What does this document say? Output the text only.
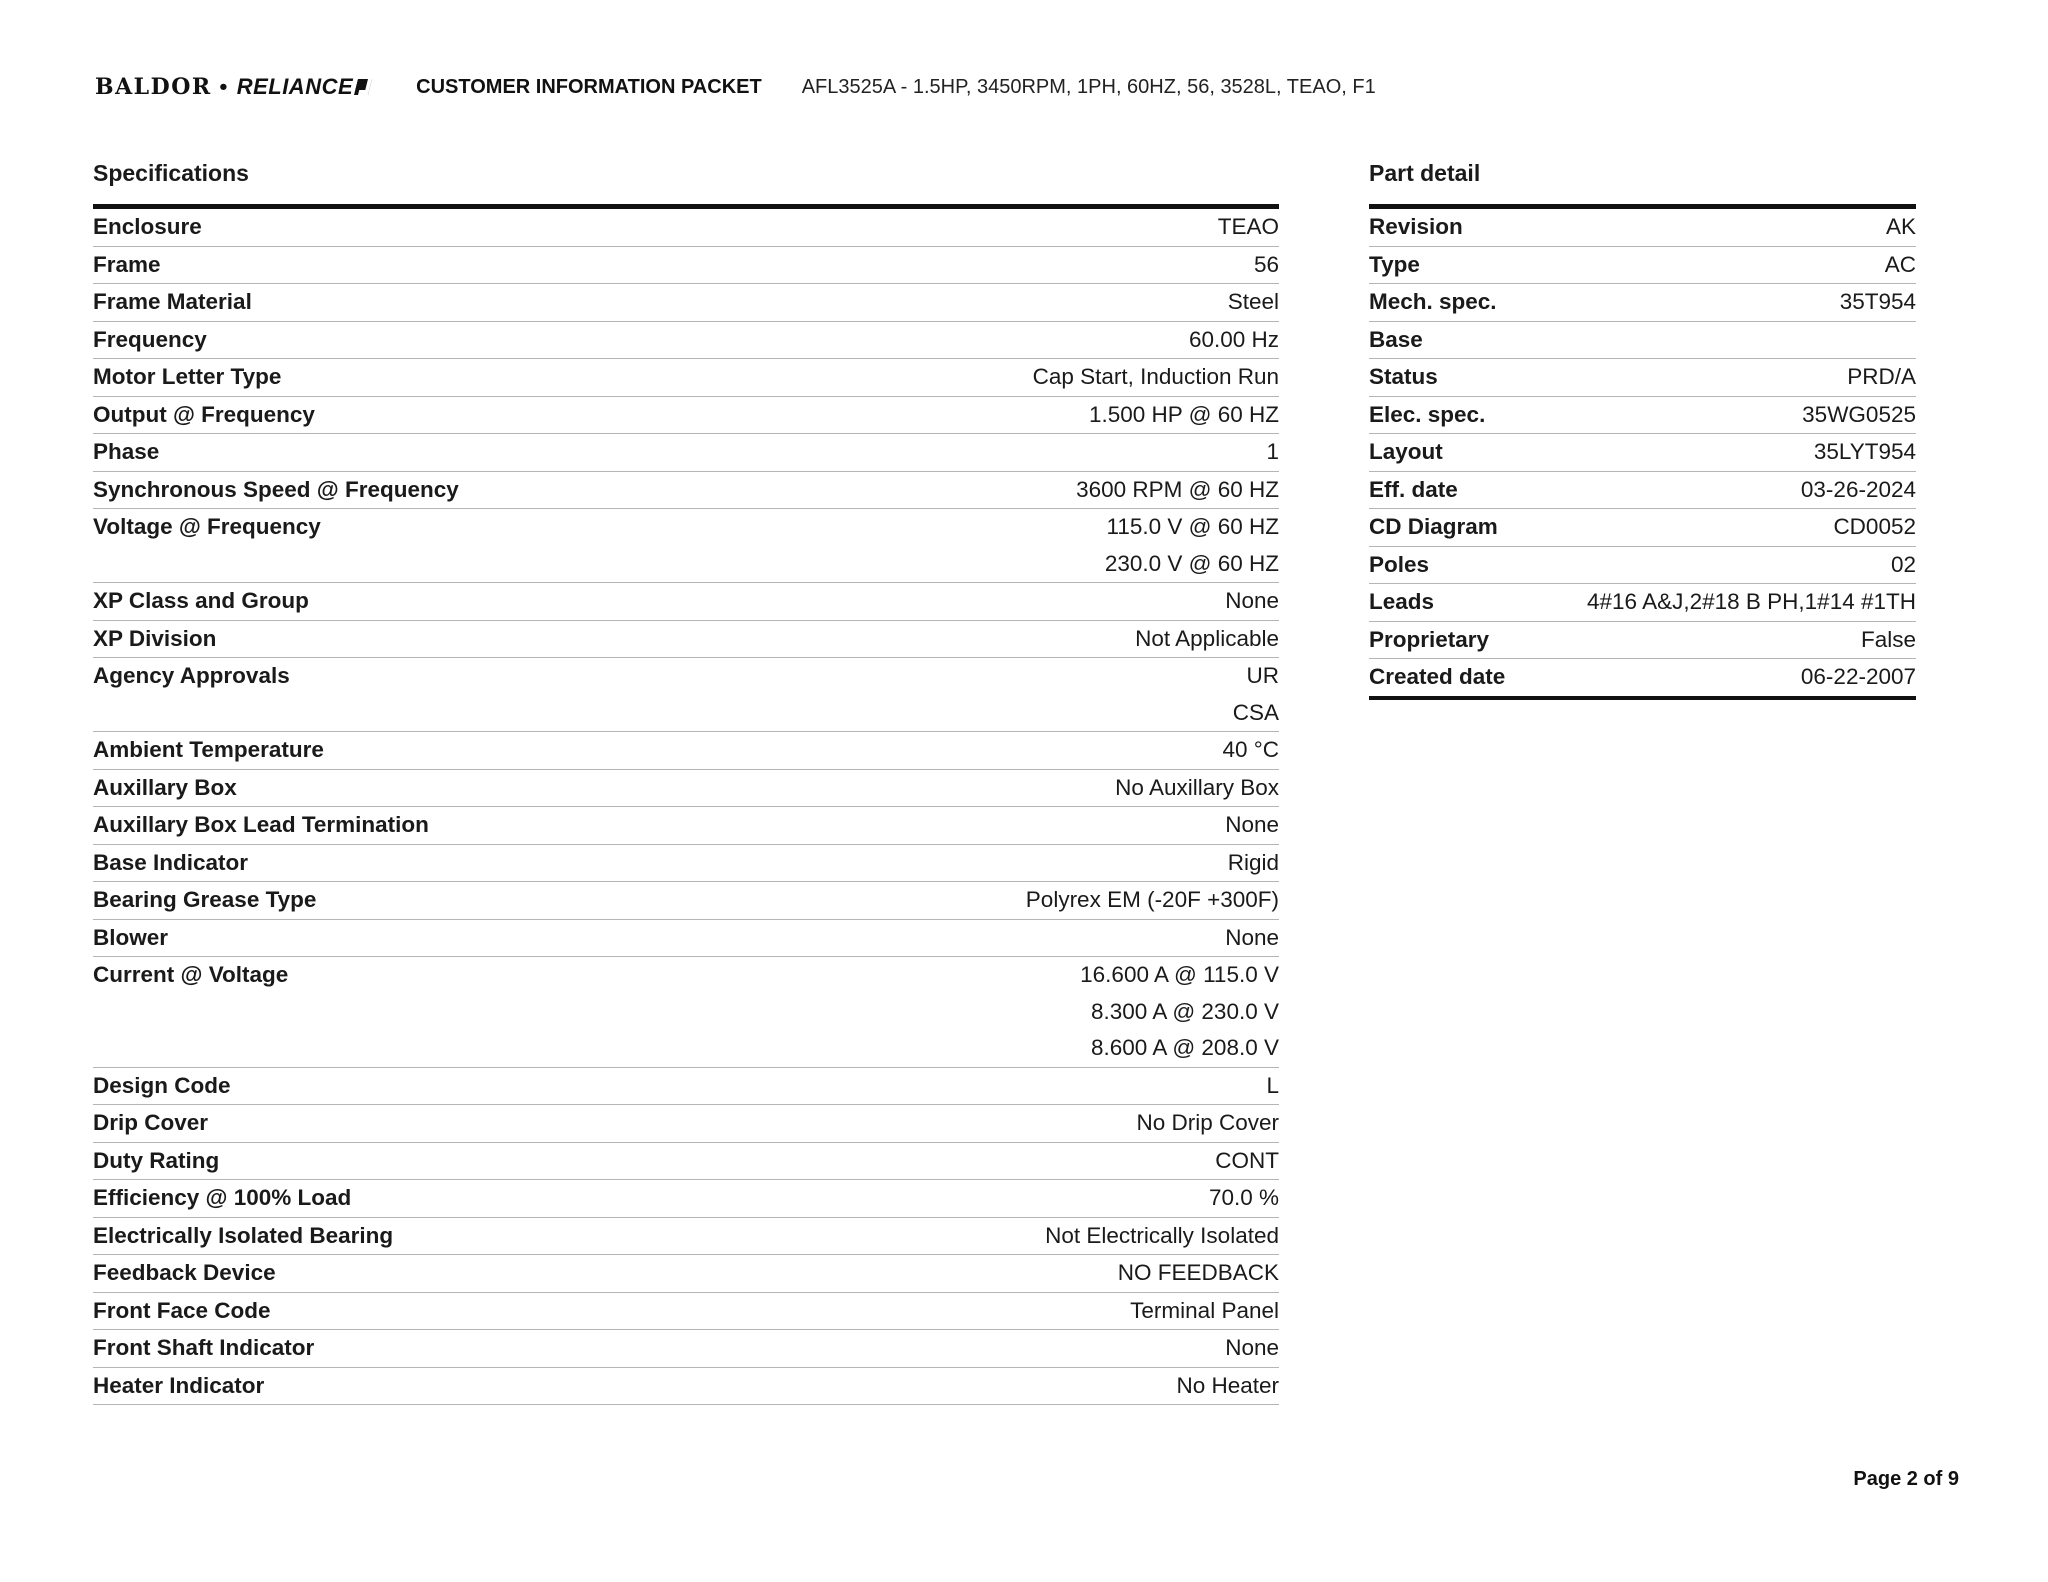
BALDOR • RELIANCE	CUSTOMER INFORMATION PACKET AFL3525A - 1.5HP, 3450RPM, 1PH, 60HZ, 56, 3528L, TEAO, F1
Specifications
Enclosure	TEAO

Frame	56

Frame Material	Steel

Frequency	60.00 Hz

Motor Letter Type	Cap Start, Induction Run

Output @ Frequency	1.500 HP @ 60 HZ

Phase	1

Synchronous Speed @ Frequency	3600 RPM @ 60 HZ

Voltage @ Frequency	115.0 V @ 60 HZ
230.0 V @ 60 HZ

XP Class and Group	None

XP Division	Not Applicable

Agency Approvals	UR
CSA

Ambient Temperature	40 °C

Auxillary Box	No Auxillary Box

Auxillary Box Lead Termination	None

Base Indicator	Rigid

Bearing Grease Type	Polyrex EM (-20F +300F)

Blower	None

Current @ Voltage	16.600 A @ 115.0 V
8.300 A @ 230.0 V
8.600 A @ 208.0 V

Design Code	L

Drip Cover	No Drip Cover

Duty Rating	CONT

Efficiency @ 100% Load	70.0 %

Electrically Isolated Bearing	Not Electrically Isolated

Feedback Device	NO FEEDBACK

Front Face Code	Terminal Panel

Front Shaft Indicator	None

Heater Indicator	No Heater
Part detail
Revision	AK

Type	AC

Mech. spec.	35T954

Base	

Status	PRD/A

Elec. spec.	35WG0525

Layout	35LYT954

Eff. date	03-26-2024

CD Diagram	CD0052

Poles	02

Leads	4#16 A&J,2#18 B PH,1#14 #1TH

Proprietary	False

Created date	06-22-2007
Page 2 of 9
